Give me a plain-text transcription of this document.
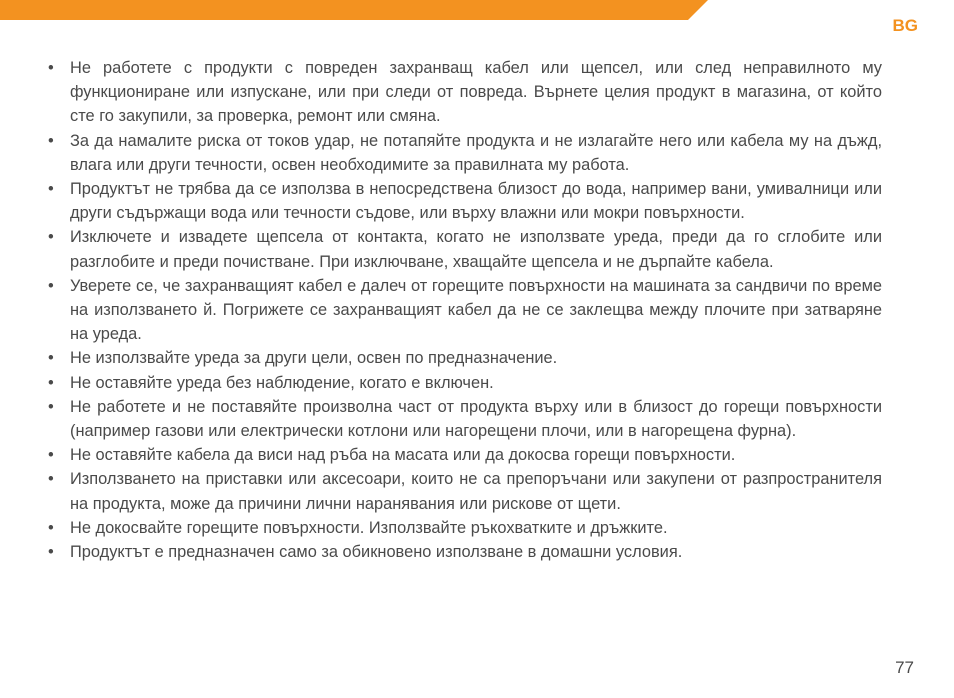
BG
• Не работете с продукти с повреден захранващ кабел или щепсел, или след неправилното му функциониране или изпускане, или при следи от повреда. Върнете целия продукт в магазина, от който сте го закупили, за проверка, ремонт или смяна.
• За да намалите риска от токов удар, не потапяйте продукта и не излагайте него или кабела му на дъжд, влага или други течности, освен необходимите за правилната му работа.
• Продуктът не трябва да се използва в непосредствена близост до вода, например вани, умивалници или други съдържащи вода или течности съдове, или върху влажни или мокри повърхности.
• Изключете и извадете щепсела от контакта, когато не използвате уреда, преди да го сглобите или разглобите и преди почистване. При изключване, хващайте щепсела и не дърпайте кабела.
• Уверете се, че захранващият кабел е далеч от горещите повърхности на машината за сандвичи по време на използването й. Погрижете се захранващият кабел да не се заклещва между плочите при затваряне на уреда.
• Не използвайте уреда за други цели, освен по предназначение.
• Не оставяйте уреда без наблюдение, когато е включен.
• Не работете и не поставяйте произволна част от продукта върху или в близост до горещи повърхности (например газови или електрически котлони или нагорещени плочи, или в нагорещена фурна).
• Не оставяйте кабела да виси над ръба на масата или да докосва горещи повърхности.
• Използването на приставки или аксесоари, които не са препоръчани или закупени от разпространителя на продукта, може да причини лични наранявания или рискове от щети.
• Не докосвайте горещите повърхности. Използвайте ръкохватките и дръжките.
• Продуктът е предназначен само за обикновено използване в домашни условия.
77
